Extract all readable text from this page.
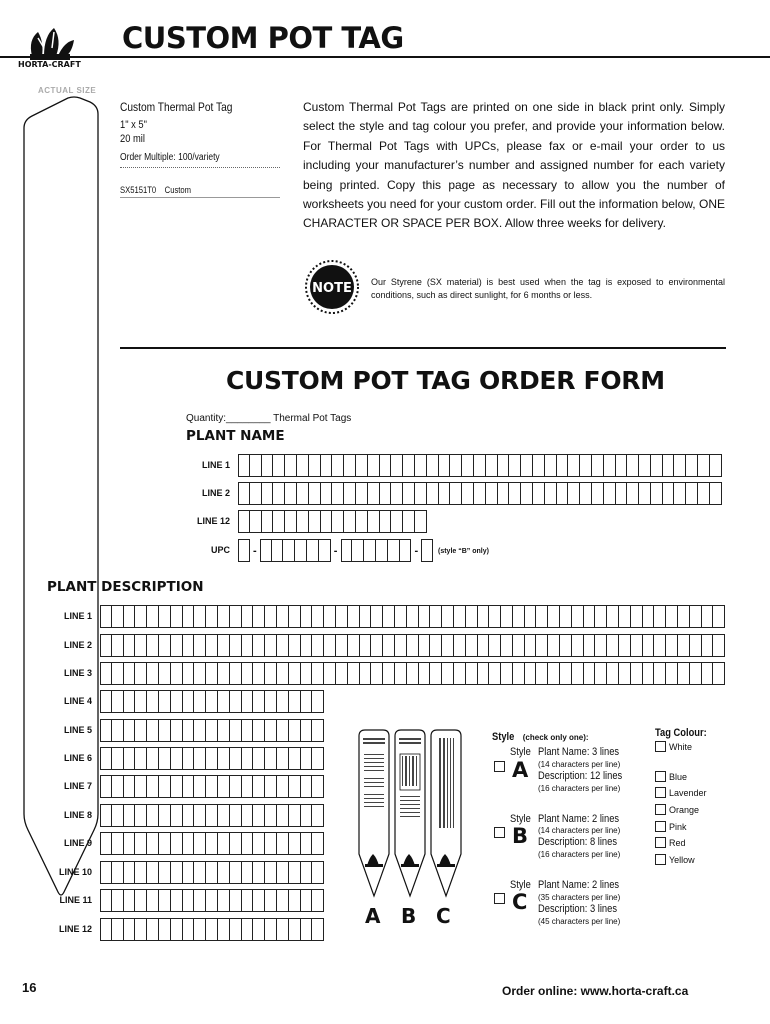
CUSTOM POT TAG
HORTA-CRAFT
ACTUAL SIZE
Custom Thermal Pot Tag
1" x 5"
20 mil
Order Multiple: 100/variety
SX5151T0 Custom
Custom Thermal Pot Tags are printed on one side in black print only. Simply select the style and tag colour you prefer, and provide your information below. For Thermal Pot Tags with UPCs, please fax or e-mail your order to us including your manufacturer’s number and assigned number for each variety being printed. Copy this page as necessary to allow you the number of worksheets you need for your custom order. Fill out the information below, ONE CHARACTER OR SPACE PER BOX. Allow three weeks for delivery.
NOTE Our Styrene (SX material) is best used when the tag is exposed to environmental conditions, such as direct sunlight, for 6 months or less.
CUSTOM POT TAG ORDER FORM
Quantity:________ Thermal Pot Tags
PLANT NAME
LINE 1
LINE 2
LINE 12
UPC -	-	-	(style “B” only)
PLANT DESCRIPTION
LINE 1
LINE 2
LINE 3
LINE 4
LINE 5
LINE 6
LINE 7
LINE 8
LINE 9
LINE 10
LINE 11
LINE 12
A B C
Style (check only one):
Style
A
Plant Name: 3 lines
(14 characters per line)
Description: 12 lines
(16 characters per line)
Style
B
Plant Name: 2 lines
(14 characters per line)
Description: 8 lines
(16 characters per line)
Style
C
Plant Name: 2 lines
(35 characters per line)
Description: 3 lines
(45 characters per line)
Tag Colour:
White
Blue
Lavender
Orange
Pink
Red
Yellow
16	Order online: www.horta-craft.ca
